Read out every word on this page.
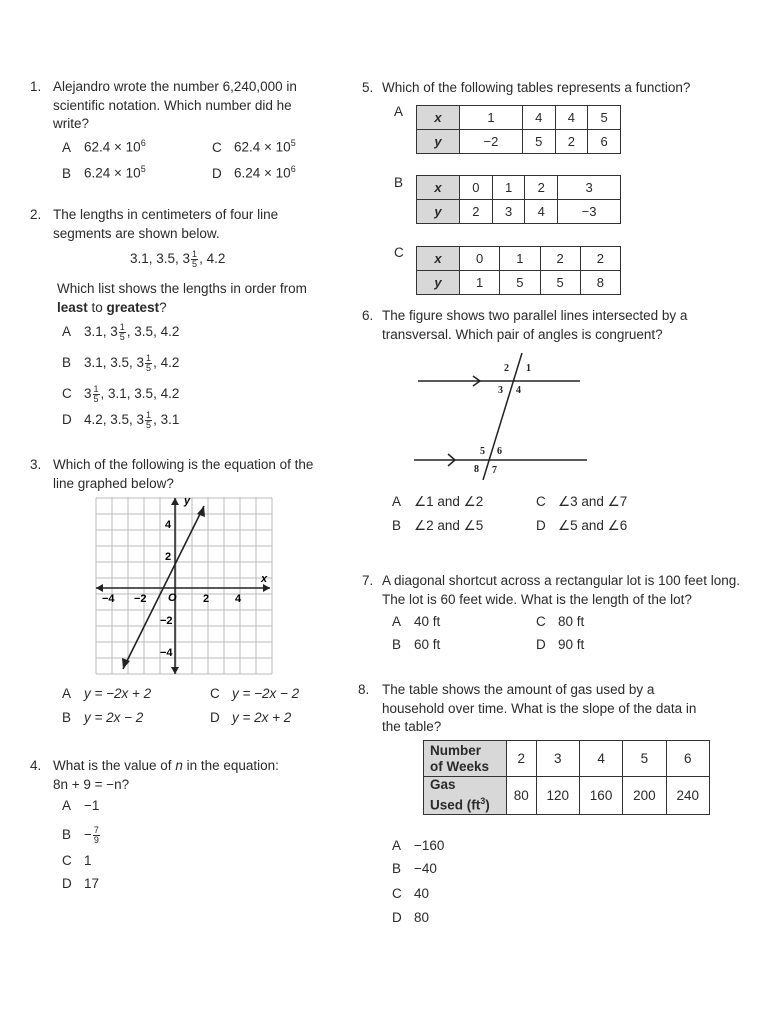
1. Alejandro wrote the number 6,240,000 in scientific notation. Which number did he write?
A $62.4 \times 10^6$	C $62.4 \times 10^5$
B $6.24 \times 10^5$	D $6.24 \times 10^6$
2. The lengths in centimeters of four line segments are shown below.
3.1, 3.5, $3 \frac{1}{5}$ , 4.2
Which list shows the lengths in order from
least to greatest?
A 3.1, $3 \frac{1}{5}$ , 3.5, 4.2
B 3.1, 3.5, $3 \frac{1}{5}$ , 4.2
C $3 \frac{1}{5}$ , 3.1, 3.5, 4.2
D 4.2, 3.5, $3 \frac{1}{5}$ , 3.1
3. Which of the following is the equation of the line graphed below?
y
x
O
−4 −2	2 4
4
2
−2
−4
A y = −2x + 2	C y = −2x − 2
B y = 2x − 2	D y = 2x + 2
4. What is the value of n in the equation:
8n + 9 = −n?
A −1
$B - \frac{7}{9}$
C 1
D 17
5. Which of the following tables represents a function?
A x	1	4	4	5
y	−2	5	2	6
B x	0	1	2	3
y	2	3	4	−3
C x	0	1	2	2
y	1	5	5	8
6. The figure shows two parallel lines intersected by a transversal. Which pair of angles is congruent?
1
2
3 4
5 6
7
8
A ∠1 and ∠2	C ∠3 and ∠7
B ∠2 and ∠5	D ∠5 and ∠6
7. A diagonal shortcut across a rectangular lot is 100 feet long. The lot is 60 feet wide. What is the length of the lot?
A 40 ft	C 80 ft
B 60 ft	D 90 ft
8. The table shows the amount of gas used by a household over time. What is the slope of the data in the table?
Number
of Weeks	2	3	4	5	6
Gas
Used $(ft^3)$	80	120	160	200	240
A −160
B −40
C 40
D 80
